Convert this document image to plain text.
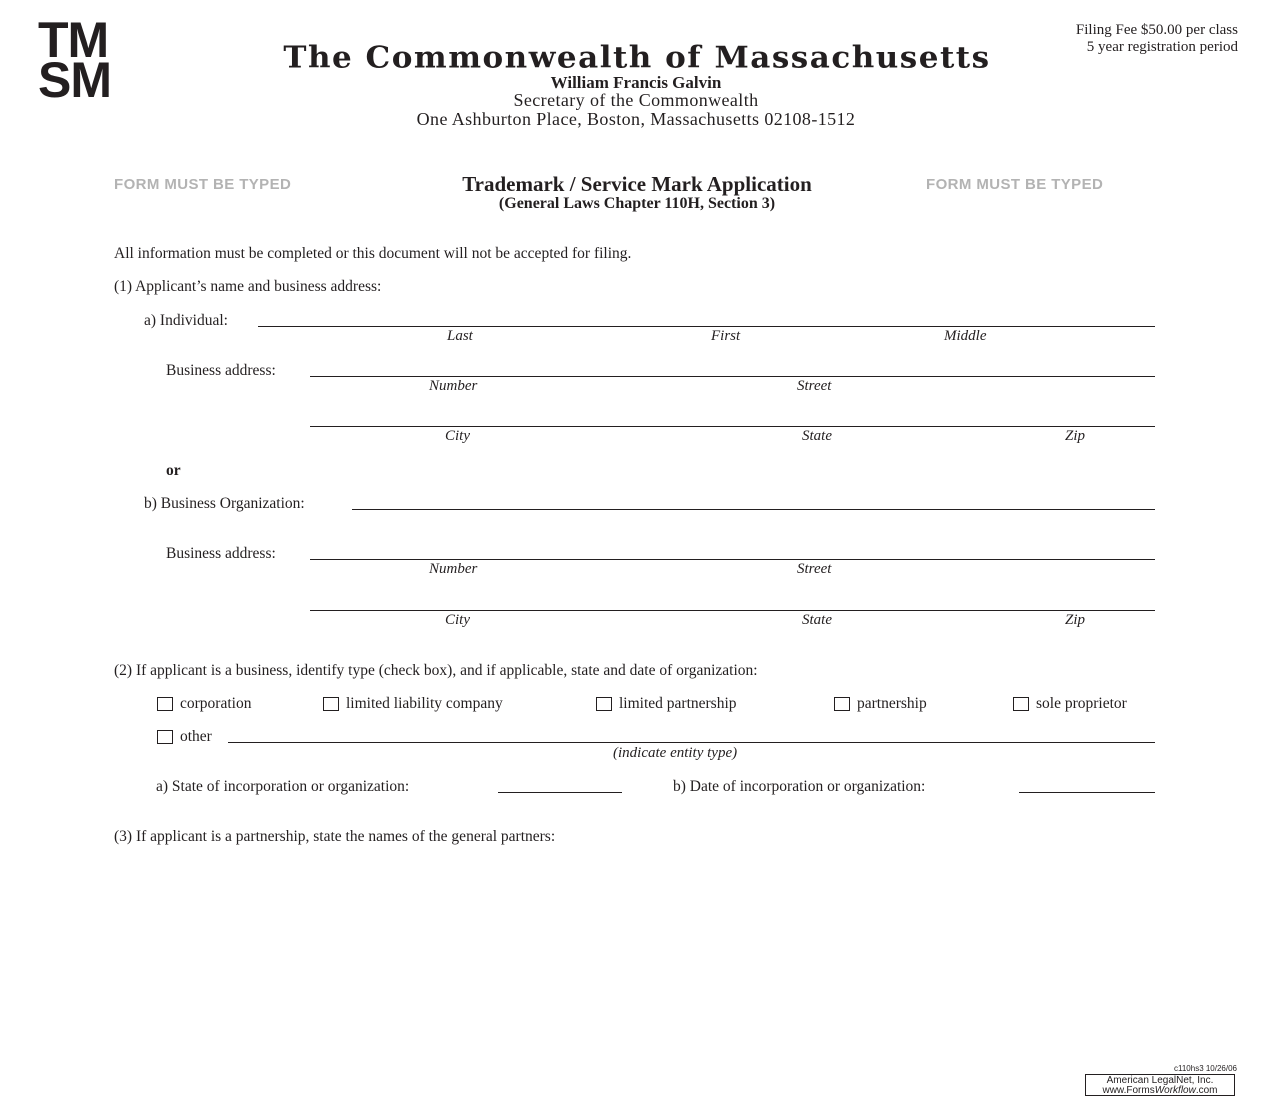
TM
SM	The Commonwealth of Massachusetts
William Francis Galvin
Secretary of the Commonwealth
One Ashburton Place, Boston, Massachusetts 02108-1512
Filing Fee $50.00 per class
5 year registration period
FORM MUST BE TYPED	FORM MUST BE TYPED
Trademark / Service Mark Application
(General Laws Chapter 110H, Section 3)
All information must be completed or this document will not be accepted for filing.
(1) Applicant’s name and business address:
a) Individual:
Last	First	Middle
Business address:
Number	Street
City	State	Zip
or
b) Business Organization:
Business address:
Number	Street
City	State	Zip
(2) If applicant is a business, identify type (check box), and if applicable, state and date of organization:
corporation	limited liability company	limited partnership	partnership	sole proprietor
other
(indicate entity type)
a) State of incorporation or organization:	b) Date of incorporation or organization:
(3) If applicant is a partnership, state the names of the general partners:
c110hs3 10/26/06
American LegalNet, Inc.
www.FormsWorkflow.com
